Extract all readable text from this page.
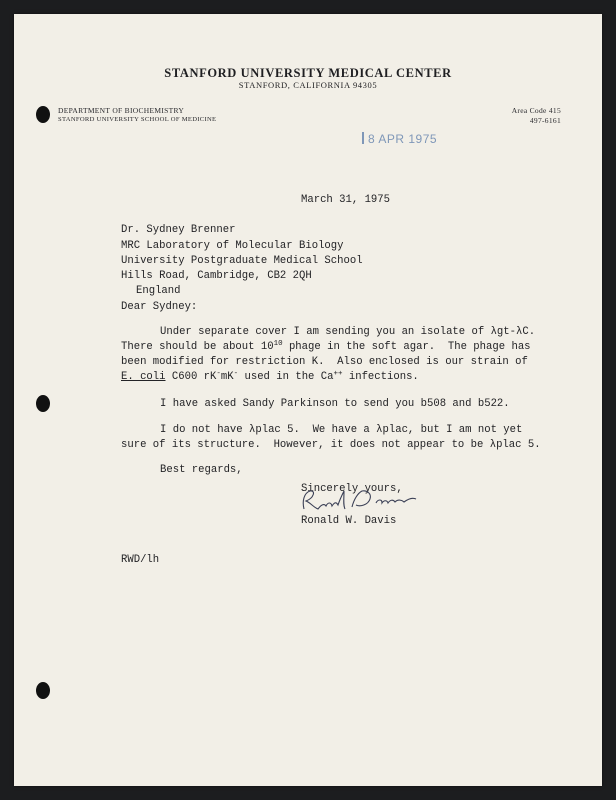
STANFORD UNIVERSITY MEDICAL CENTER
STANFORD, CALIFORNIA 94305
DEPARTMENT OF BIOCHEMISTRY
STANFORD UNIVERSITY SCHOOL OF MEDICINE
Area Code 415
497-6161
8 APR 1975
March 31, 1975
Dr. Sydney Brenner
MRC Laboratory of Molecular Biology
University Postgraduate Medical School
Hills Road, Cambridge, CB2 2QH
England
Dear Sydney:
Under separate cover I am sending you an isolate of λgt-λC.
There should be about $10^{10}$ phage in the soft agar.  The phage has
been modified for restriction K.  Also enclosed is our strain of
E. coli C600 rK-mK- used in the Ca++ infections.
I have asked Sandy Parkinson to send you b508 and b522.
I do not have λplac 5.  We have a λplac, but I am not yet
sure of its structure.  However, it does not appear to be λplac 5.
Best regards,
Sincerely yours,
Ronald W. Davis
RWD/lh
